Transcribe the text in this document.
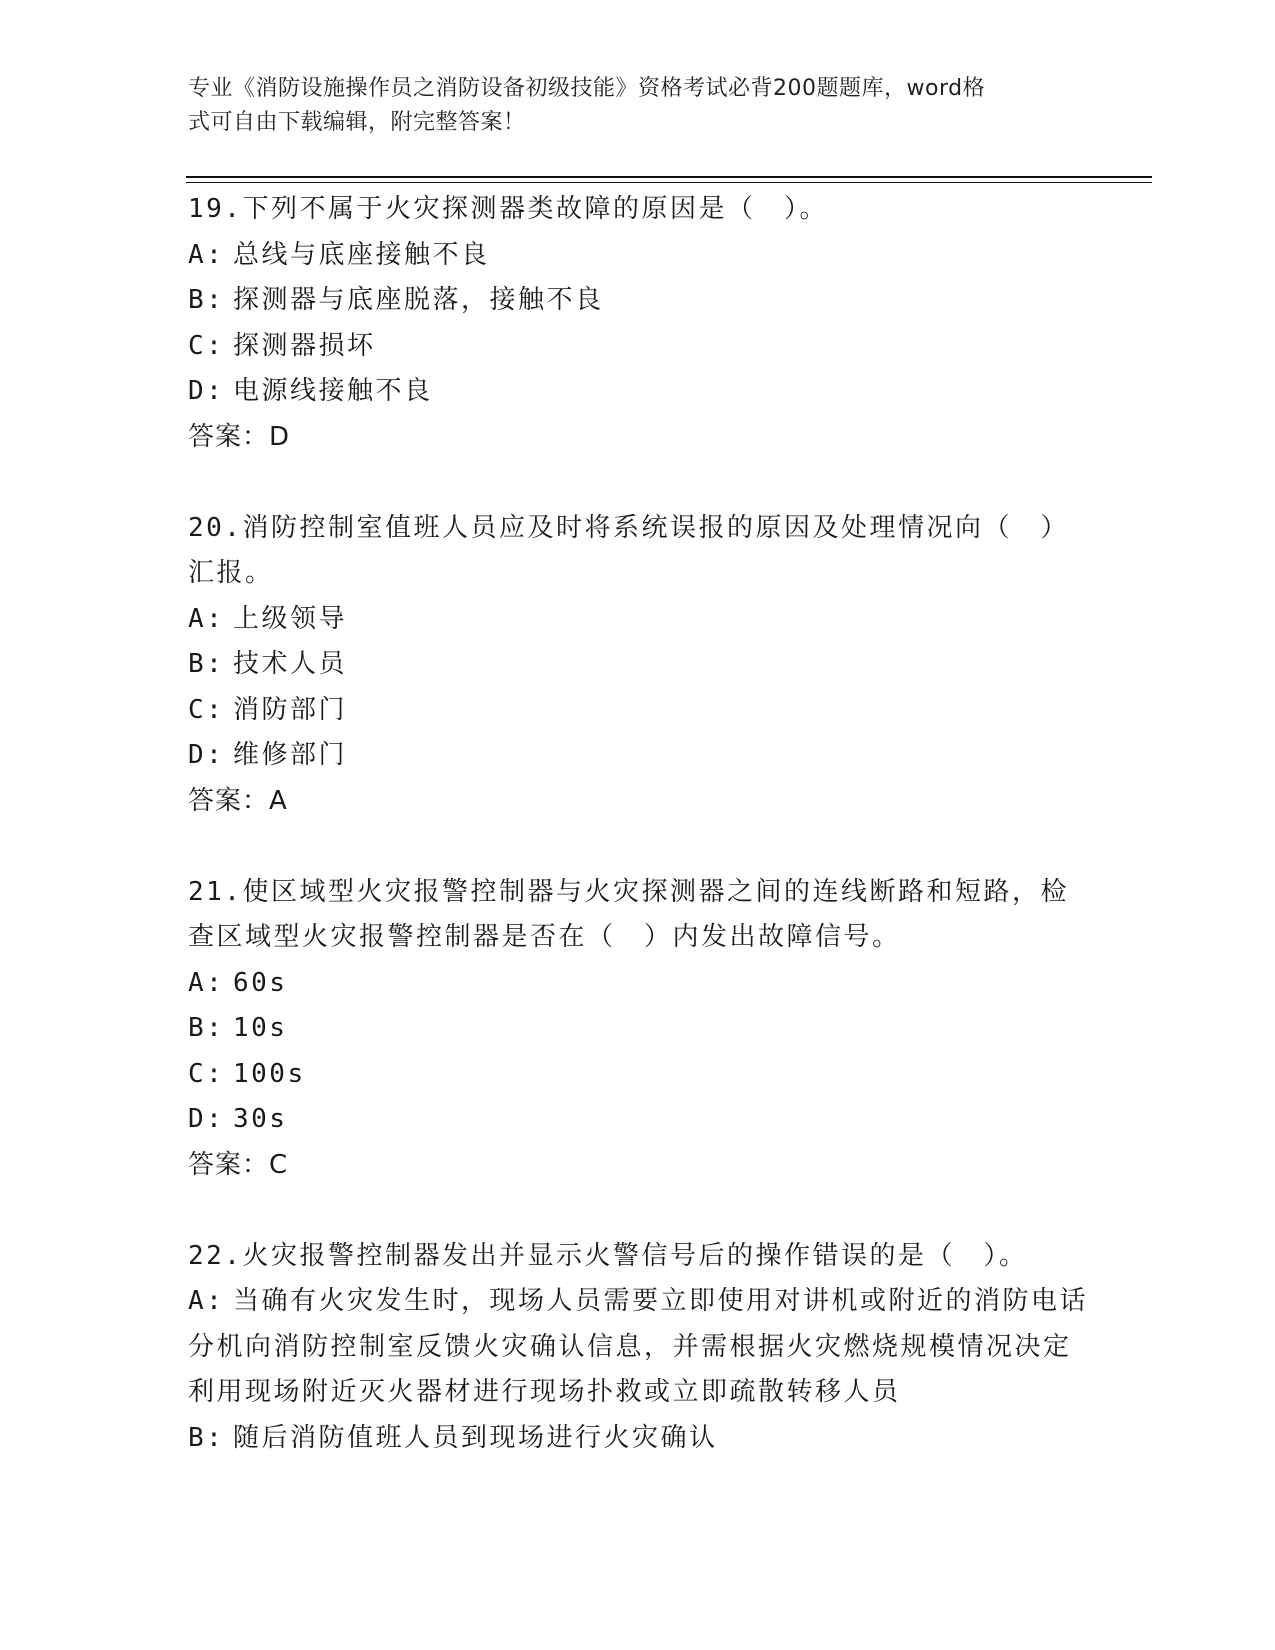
专业《消防设施操作员之消防设备初级技能》资格考试必背200题题库，word格
式可自由下载编辑，附完整答案！
19.下列不属于火灾探测器类故障的原因是（　）。
A: 总线与底座接触不良
B: 探测器与底座脱落，接触不良
C: 探测器损坏
D: 电源线接触不良
答案：D
20.消防控制室值班人员应及时将系统误报的原因及处理情况向（　）汇报。
A: 上级领导
B: 技术人员
C: 消防部门
D: 维修部门
答案：A
21.使区域型火灾报警控制器与火灾探测器之间的连线断路和短路，检查区域型火灾报警控制器是否在（　）内发出故障信号。
A: 60s
B: 10s
C: 100s
D: 30s
答案：C
22.火灾报警控制器发出并显示火警信号后的操作错误的是（　）。
A: 当确有火灾发生时，现场人员需要立即使用对讲机或附近的消防电话分机向消防控制室反馈火灾确认信息，并需根据火灾燃烧规模情况决定利用现场附近灭火器材进行现场扑救或立即疏散转移人员
B: 随后消防值班人员到现场进行火灾确认
